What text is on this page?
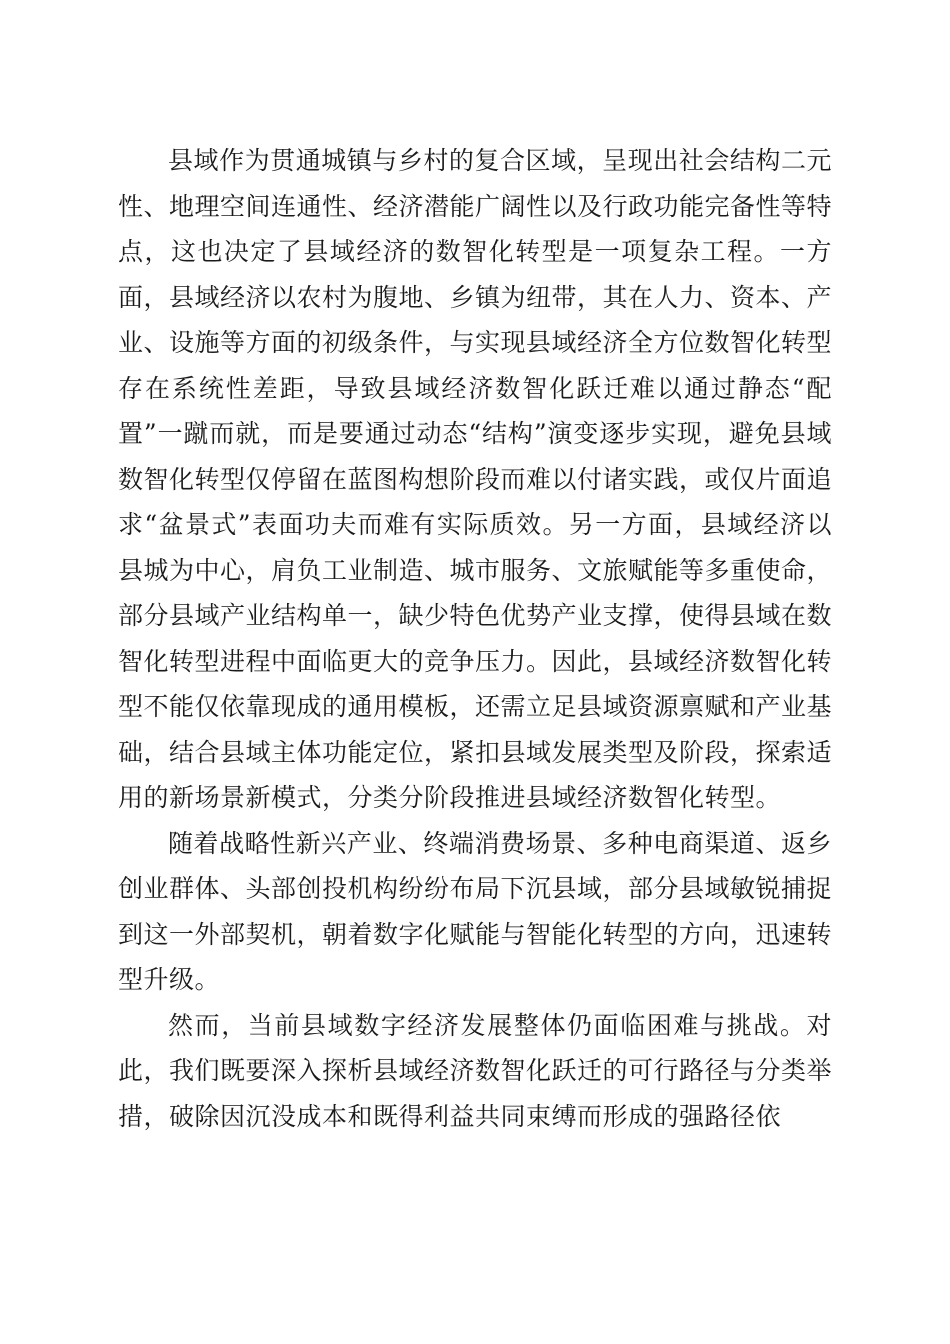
县域作为贯通城镇与乡村的复合区域，呈现出社会结构二元性、地理空间连通性、经济潜能广阔性以及行政功能完备性等特点，这也决定了县域经济的数智化转型是一项复杂工程。一方面，县域经济以农村为腹地、乡镇为纽带，其在人力、资本、产业、设施等方面的初级条件，与实现县域经济全方位数智化转型存在系统性差距，导致县域经济数智化跃迁难以通过静态“配置”一蹴而就，而是要通过动态“结构”演变逐步实现，避免县域数智化转型仅停留在蓝图构想阶段而难以付诸实践，或仅片面追求“盆景式”表面功夫而难有实际质效。另一方面，县域经济以县城为中心，肩负工业制造、城市服务、文旅赋能等多重使命，部分县域产业结构单一，缺少特色优势产业支撑，使得县域在数智化转型进程中面临更大的竞争压力。因此，县域经济数智化转型不能仅依靠现成的通用模板，还需立足县域资源禀赋和产业基础，结合县域主体功能定位，紧扣县域发展类型及阶段，探索适用的新场景新模式，分类分阶段推进县域经济数智化转型。

随着战略性新兴产业、终端消费场景、多种电商渠道、返乡创业群体、头部创投机构纷纷布局下沉县域，部分县域敏锐捕捉到这一外部契机，朝着数字化赋能与智能化转型的方向，迅速转型升级。

然而，当前县域数字经济发展整体仍面临困难与挑战。对此，我们既要深入探析县域经济数智化跃迁的可行路径与分类举措，破除因沉没成本和既得利益共同束缚而形成的强路径依
